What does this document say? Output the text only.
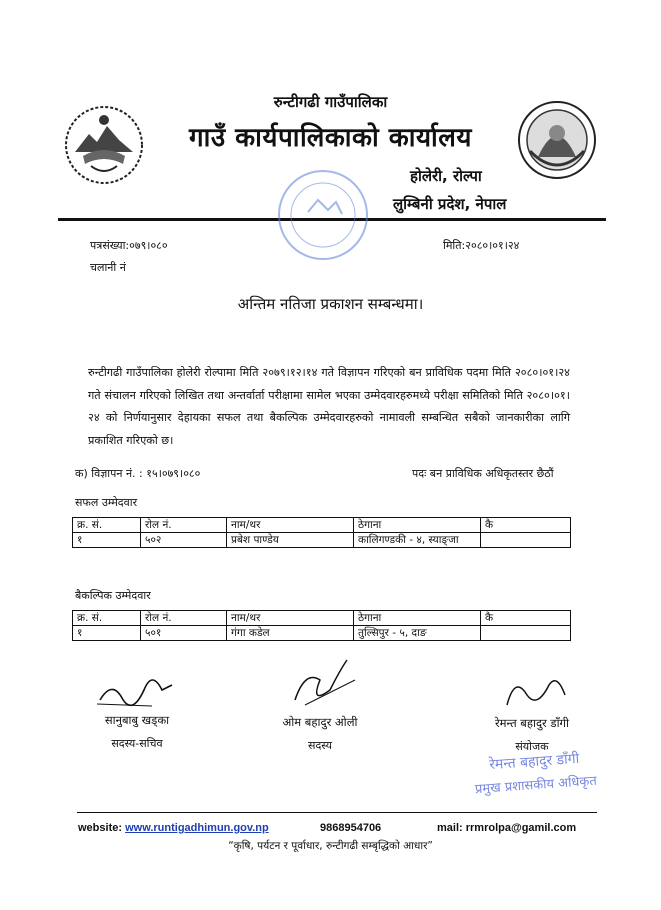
रुन्टीगढी गाउँपालिका
गाउँ कार्यपालिकाको कार्यालय
होलेरी, रोल्पा
लुम्बिनी प्रदेश, नेपाल
पत्रसंख्या:०७९।०८०
चलानी नं
मिति:२०८०।०१।२४
अन्तिम नतिजा प्रकाशन सम्बन्धमा।
रुन्टीगढी गाउँपालिका होलेरी रोल्पामा मिति २०७९।१२।१४ गते विज्ञापन गरिएको बन प्राविधिक पदमा मिति २०८०।०१।२४ गते संचालन गरिएको लिखित तथा अन्तर्वार्ता परीक्षामा सामेल भएका उम्मेदवारहरुमध्ये परीक्षा समितिको मिति २०८०।०१।२४ को निर्णयानुसार देहायका सफल तथा बैकल्पिक उम्मेदवारहरुको नामावली सम्बन्धित सबैको जानकारीका लागि प्रकाशित गरिएको छ।
क) विज्ञापन नं. : १५।०७९।०८०	पदः बन प्राविधिक अधिकृतस्तर छैठौं
सफल उम्मेदवार
क्र. सं.	रोल नं.	नाम/थर	ठेगाना	कै
१	५०२	प्रबेश पाण्डेय	कालिगण्डकी - ४, स्याङ्जा	
बैकल्पिक उम्मेदवार
क्र. सं.	रोल नं.	नाम/थर	ठेगाना	कै
१	५०१	गंगा कडेल	तुल्सिपुर - ५, दाङ	
सानुबाबु खड्का
सदस्य-सचिव
ओम बहादुर ओली
सदस्य
रेमन्त बहादुर डाँगी
संयोजक
रेमन्त बहादुर डाँगी
प्रमुख प्रशासकीय अधिकृत
website: www.runtigadhimun.gov.np	9868954706	mail: rrmrolpa@gamil.com
“कृषि, पर्यटन र पूर्वाधार, रुन्टीगढी सम्बृद्धिको आधार”
